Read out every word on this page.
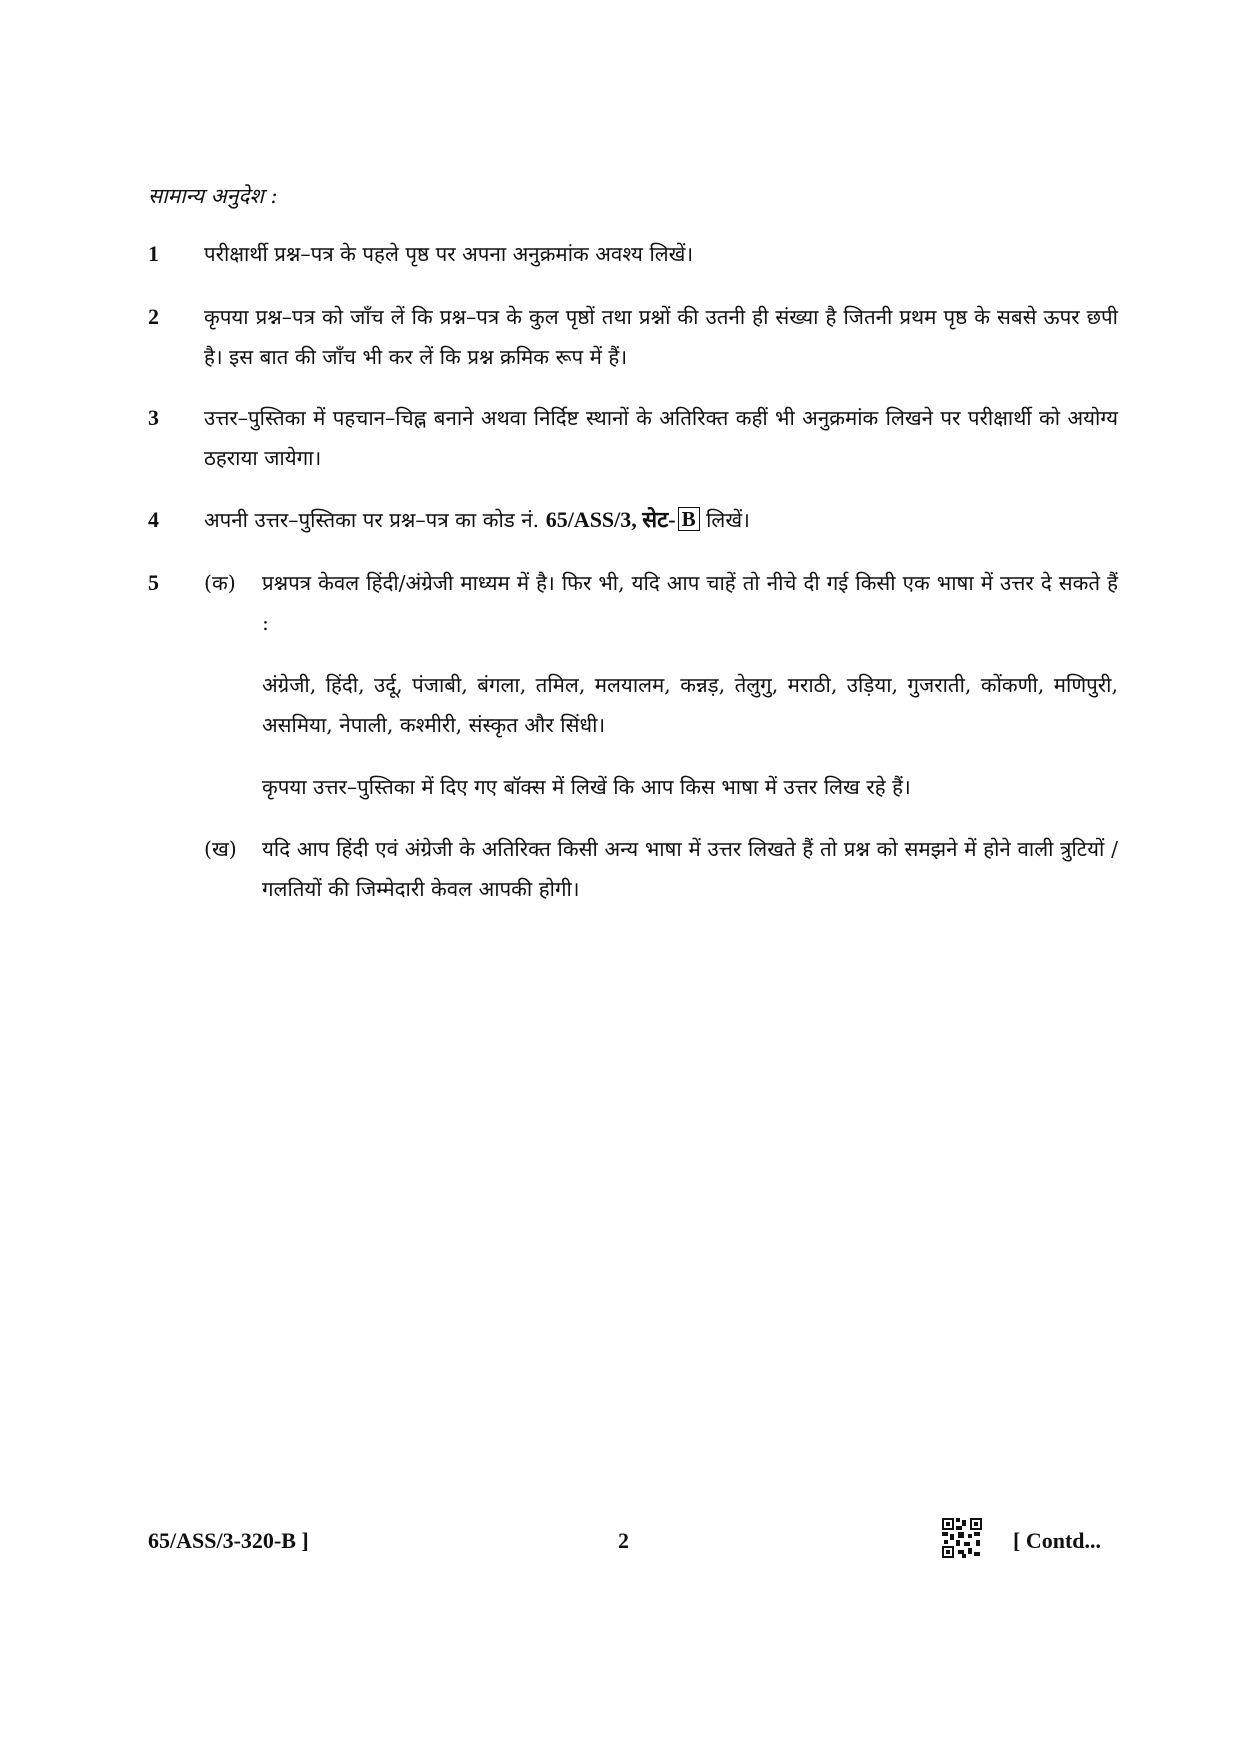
सामान्य अनुदेश :
1 परीक्षार्थी प्रश्न–पत्र के पहले पृष्ठ पर अपना अनुक्रमांक अवश्य लिखें।
2 कृपया प्रश्न–पत्र को जाँच लें कि प्रश्न–पत्र के कुल पृष्ठों तथा प्रश्नों की उतनी ही संख्या है जितनी प्रथम पृष्ठ के सबसे ऊपर छपी है। इस बात की जाँच भी कर लें कि प्रश्न क्रमिक रूप में हैं।
3 उत्तर–पुस्तिका में पहचान–चिह्न बनाने अथवा निर्दिष्ट स्थानों के अतिरिक्त कहीं भी अनुक्रमांक लिखने पर परीक्षार्थी को अयोग्य ठहराया जायेगा।
4 अपनी उत्तर–पुस्तिका पर प्रश्न–पत्र का कोड नं. 65/ASS/3, सेट- B लिखें।
5 (क) प्रश्नपत्र केवल हिंदी/अंग्रेजी माध्यम में है। फिर भी, यदि आप चाहें तो नीचे दी गई किसी एक भाषा में उत्तर दे सकते हैं :
अंग्रेजी, हिंदी, उर्दू, पंजाबी, बंगला, तमिल, मलयालम, कन्नड़, तेलुगु, मराठी, उड़िया, गुजराती, कोंकणी, मणिपुरी, असमिया, नेपाली, कश्मीरी, संस्कृत और सिंधी।
कृपया उत्तर–पुस्तिका में दिए गए बॉक्स में लिखें कि आप किस भाषा में उत्तर लिख रहे हैं।
(ख) यदि आप हिंदी एवं अंग्रेजी के अतिरिक्त किसी अन्य भाषा में उत्तर लिखते हैं तो प्रश्न को समझने में होने वाली त्रुटियों / गलतियों की जिम्मेदारी केवल आपकी होगी।
65/ASS/3-320-B ]	2	[ Contd...
